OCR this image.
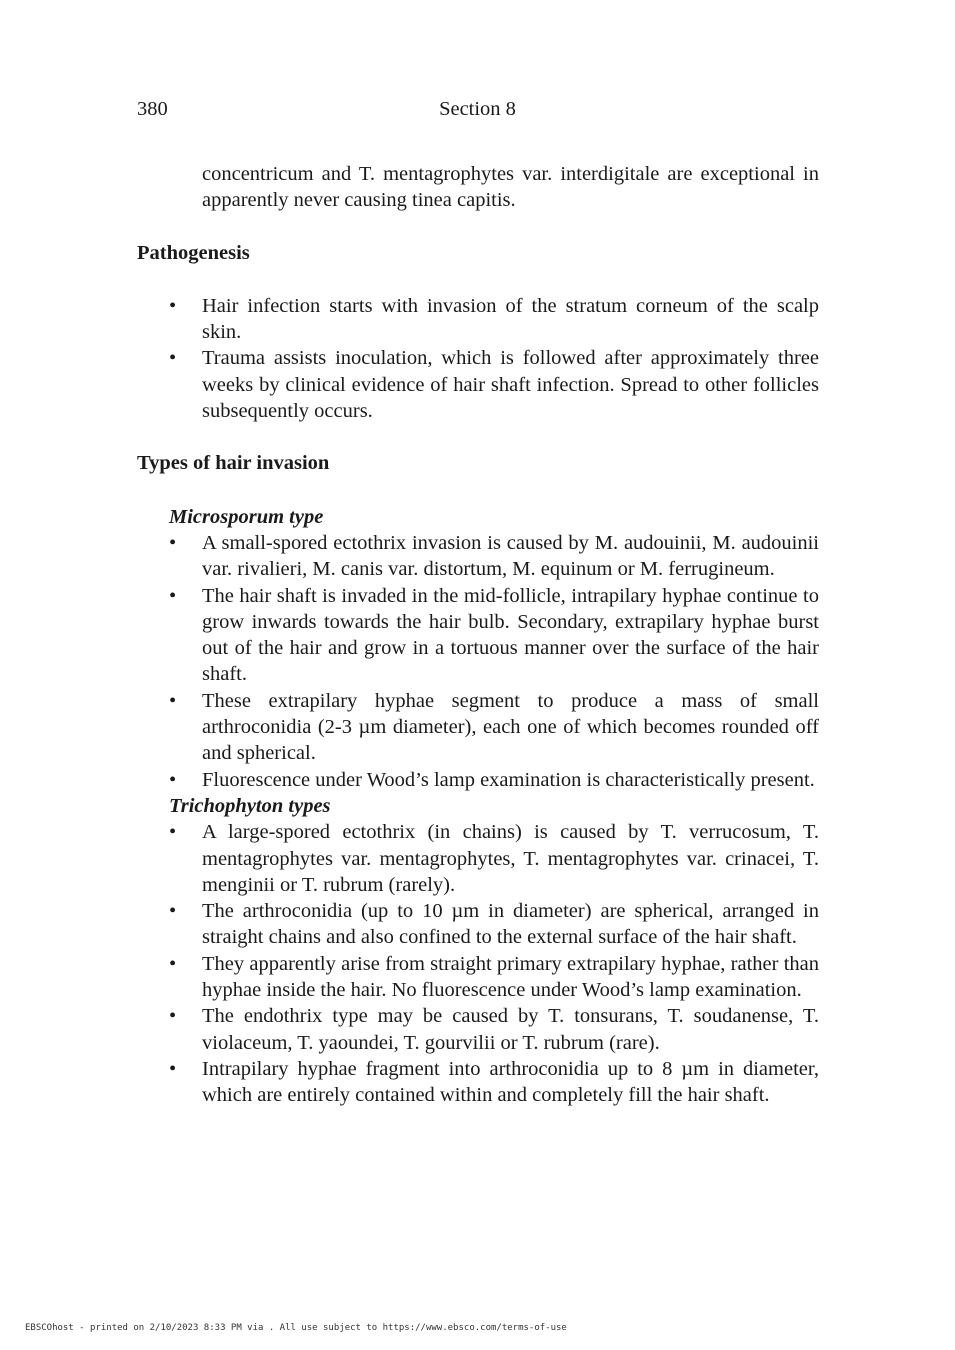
380	Section 8

concentricum and T. mentagrophytes var. interdigitale are exceptional in apparently never causing tinea capitis.

Pathogenesis
• Hair infection starts with invasion of the stratum corneum of the scalp skin.
• Trauma assists inoculation, which is followed after approximately three weeks by clinical evidence of hair shaft infection. Spread to other follicles subsequently occurs.
Types of hair invasion
Microsporum type
• A small-spored ectothrix invasion is caused by M. audouinii, M. audouinii var. rivalieri, M. canis var. distortum, M. equinum or M. ferrugineum.
• The hair shaft is invaded in the mid-follicle, intrapilary hyphae continue to grow inwards towards the hair bulb. Secondary, extrapilary hyphae burst out of the hair and grow in a tortuous manner over the surface of the hair shaft.
• These extrapilary hyphae segment to produce a mass of small arthroconidia (2-3 µm diameter), each one of which becomes rounded off and spherical.
• Fluorescence under Wood’s lamp examination is characteristically present.
Trichophyton types
• A large-spored ectothrix (in chains) is caused by T. verrucosum, T. mentagrophytes var. mentagrophytes, T. mentagrophytes var. crinacei, T. menginii or T. rubrum (rarely).
• The arthroconidia (up to 10 µm in diameter) are spherical, arranged in straight chains and also confined to the external surface of the hair shaft.
• They apparently arise from straight primary extrapilary hyphae, rather than hyphae inside the hair. No fluorescence under Wood’s lamp examination.
• The endothrix type may be caused by T. tonsurans, T. soudanense, T. violaceum, T. yaoundei, T. gourvilii or T. rubrum (rare).
• Intrapilary hyphae fragment into arthroconidia up to 8 µm in diameter, which are entirely contained within and completely fill the hair shaft.
EBSCOhost - printed on 2/10/2023 8:33 PM via . All use subject to https://www.ebsco.com/terms-of-use
